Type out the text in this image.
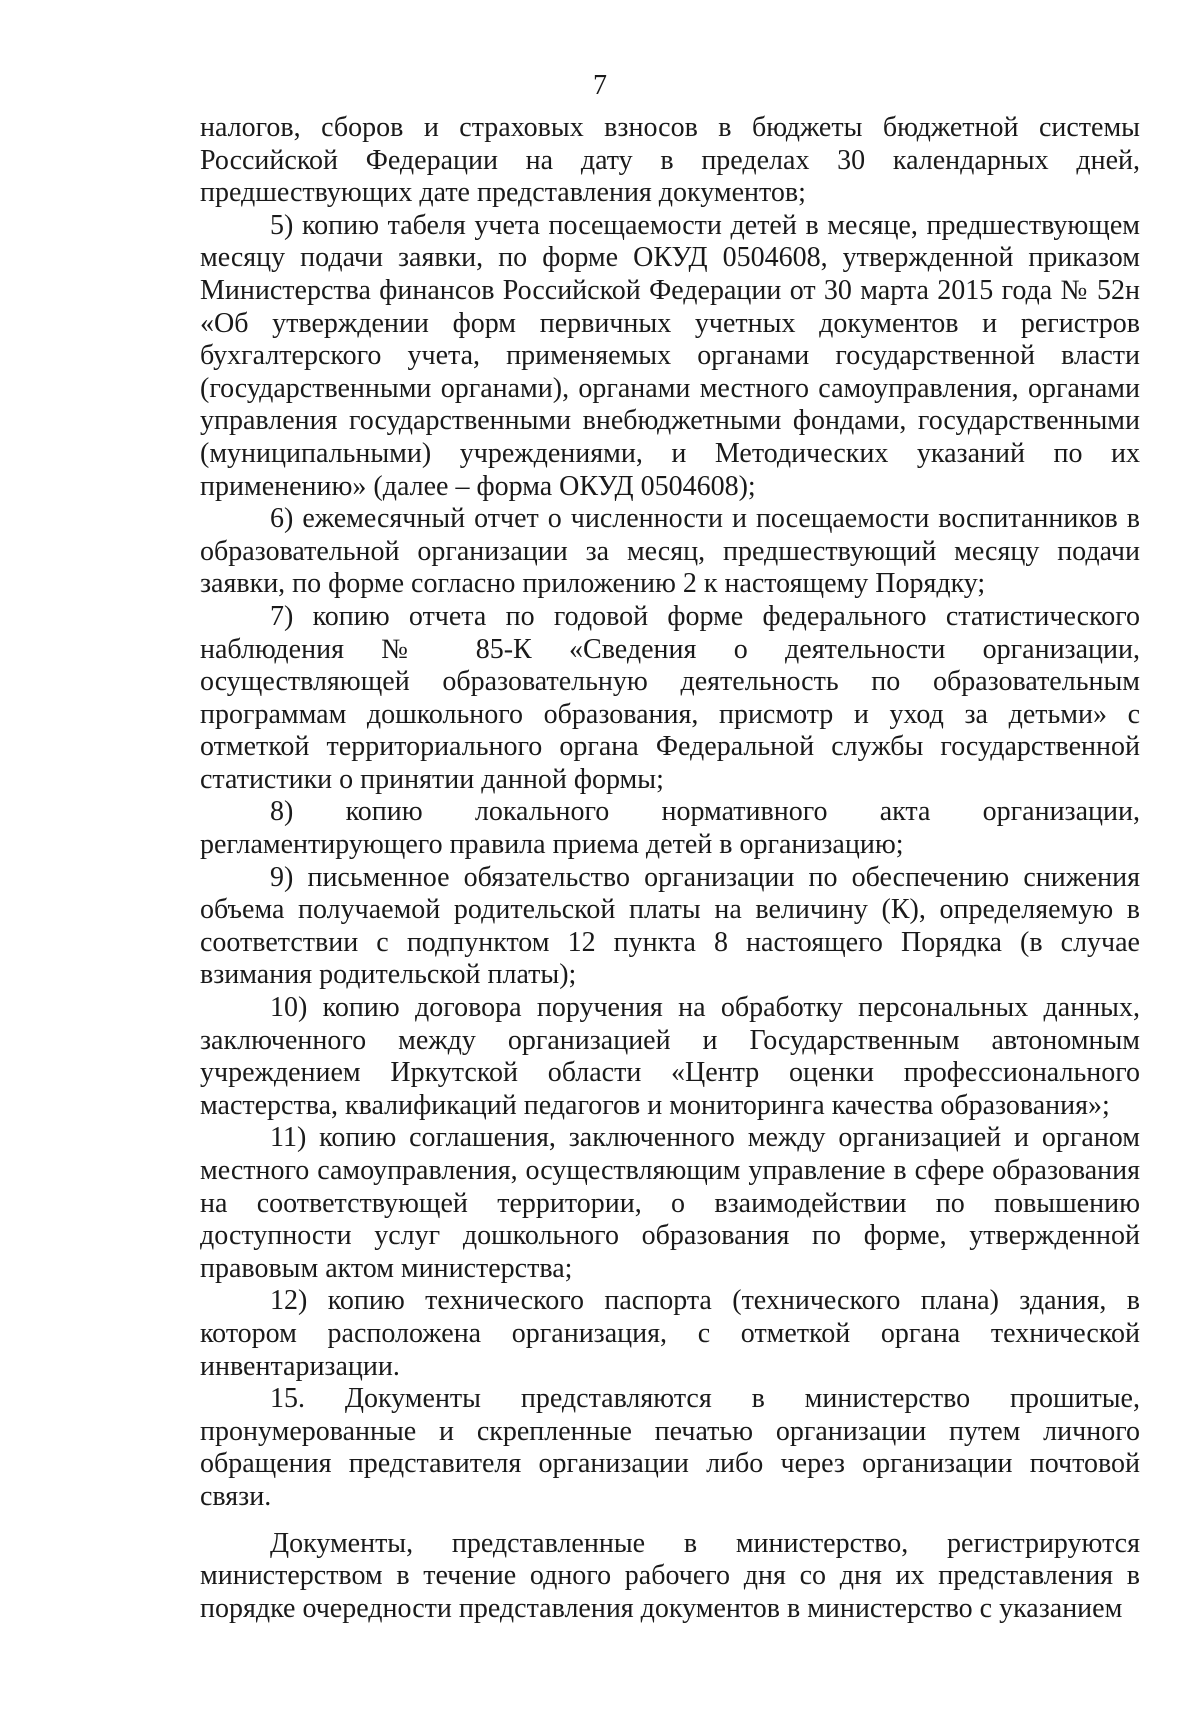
7

налогов, сборов и страховых взносов в бюджеты бюджетной системы Российской Федерации на дату в пределах 30 календарных дней, предшествующих дате представления документов;

5) копию табеля учета посещаемости детей в месяце, предшествующем месяцу подачи заявки, по форме ОКУД 0504608, утвержденной приказом Министерства финансов Российской Федерации от 30 марта 2015 года № 52н «Об утверждении форм первичных учетных документов и регистров бухгалтерского учета, применяемых органами государственной власти (государственными органами), органами местного самоуправления, органами управления государственными внебюджетными фондами, государственными (муниципальными) учреждениями, и Методических указаний по их применению» (далее – форма ОКУД 0504608);

6) ежемесячный отчет о численности и посещаемости воспитанников в образовательной организации за месяц, предшествующий месяцу подачи заявки, по форме согласно приложению 2 к настоящему Порядку;

7) копию отчета по годовой форме федерального статистического наблюдения № 85-К «Сведения о деятельности организации, осуществляющей образовательную деятельность по образовательным программам дошкольного образования, присмотр и уход за детьми» с отметкой территориального органа Федеральной службы государственной статистики о принятии данной формы;

8) копию локального нормативного акта организации, регламентирующего правила приема детей в организацию;

9) письменное обязательство организации по обеспечению снижения объема получаемой родительской платы на величину (К), определяемую в соответствии с подпунктом 12 пункта 8 настоящего Порядка (в случае взимания родительской платы);

10) копию договора поручения на обработку персональных данных, заключенного между организацией и Государственным автономным учреждением Иркутской области «Центр оценки профессионального мастерства, квалификаций педагогов и мониторинга качества образования»;

11) копию соглашения, заключенного между организацией и органом местного самоуправления, осуществляющим управление в сфере образования на соответствующей территории, о взаимодействии по повышению доступности услуг дошкольного образования по форме, утвержденной правовым актом министерства;

12) копию технического паспорта (технического плана) здания, в котором расположена организация, с отметкой органа технической инвентаризации.

15. Документы представляются в министерство прошитые, пронумерованные и скрепленные печатью организации путем личного обращения представителя организации либо через организации почтовой связи.

Документы, представленные в министерство, регистрируются министерством в течение одного рабочего дня со дня их представления в порядке очередности представления документов в министерство с указанием
